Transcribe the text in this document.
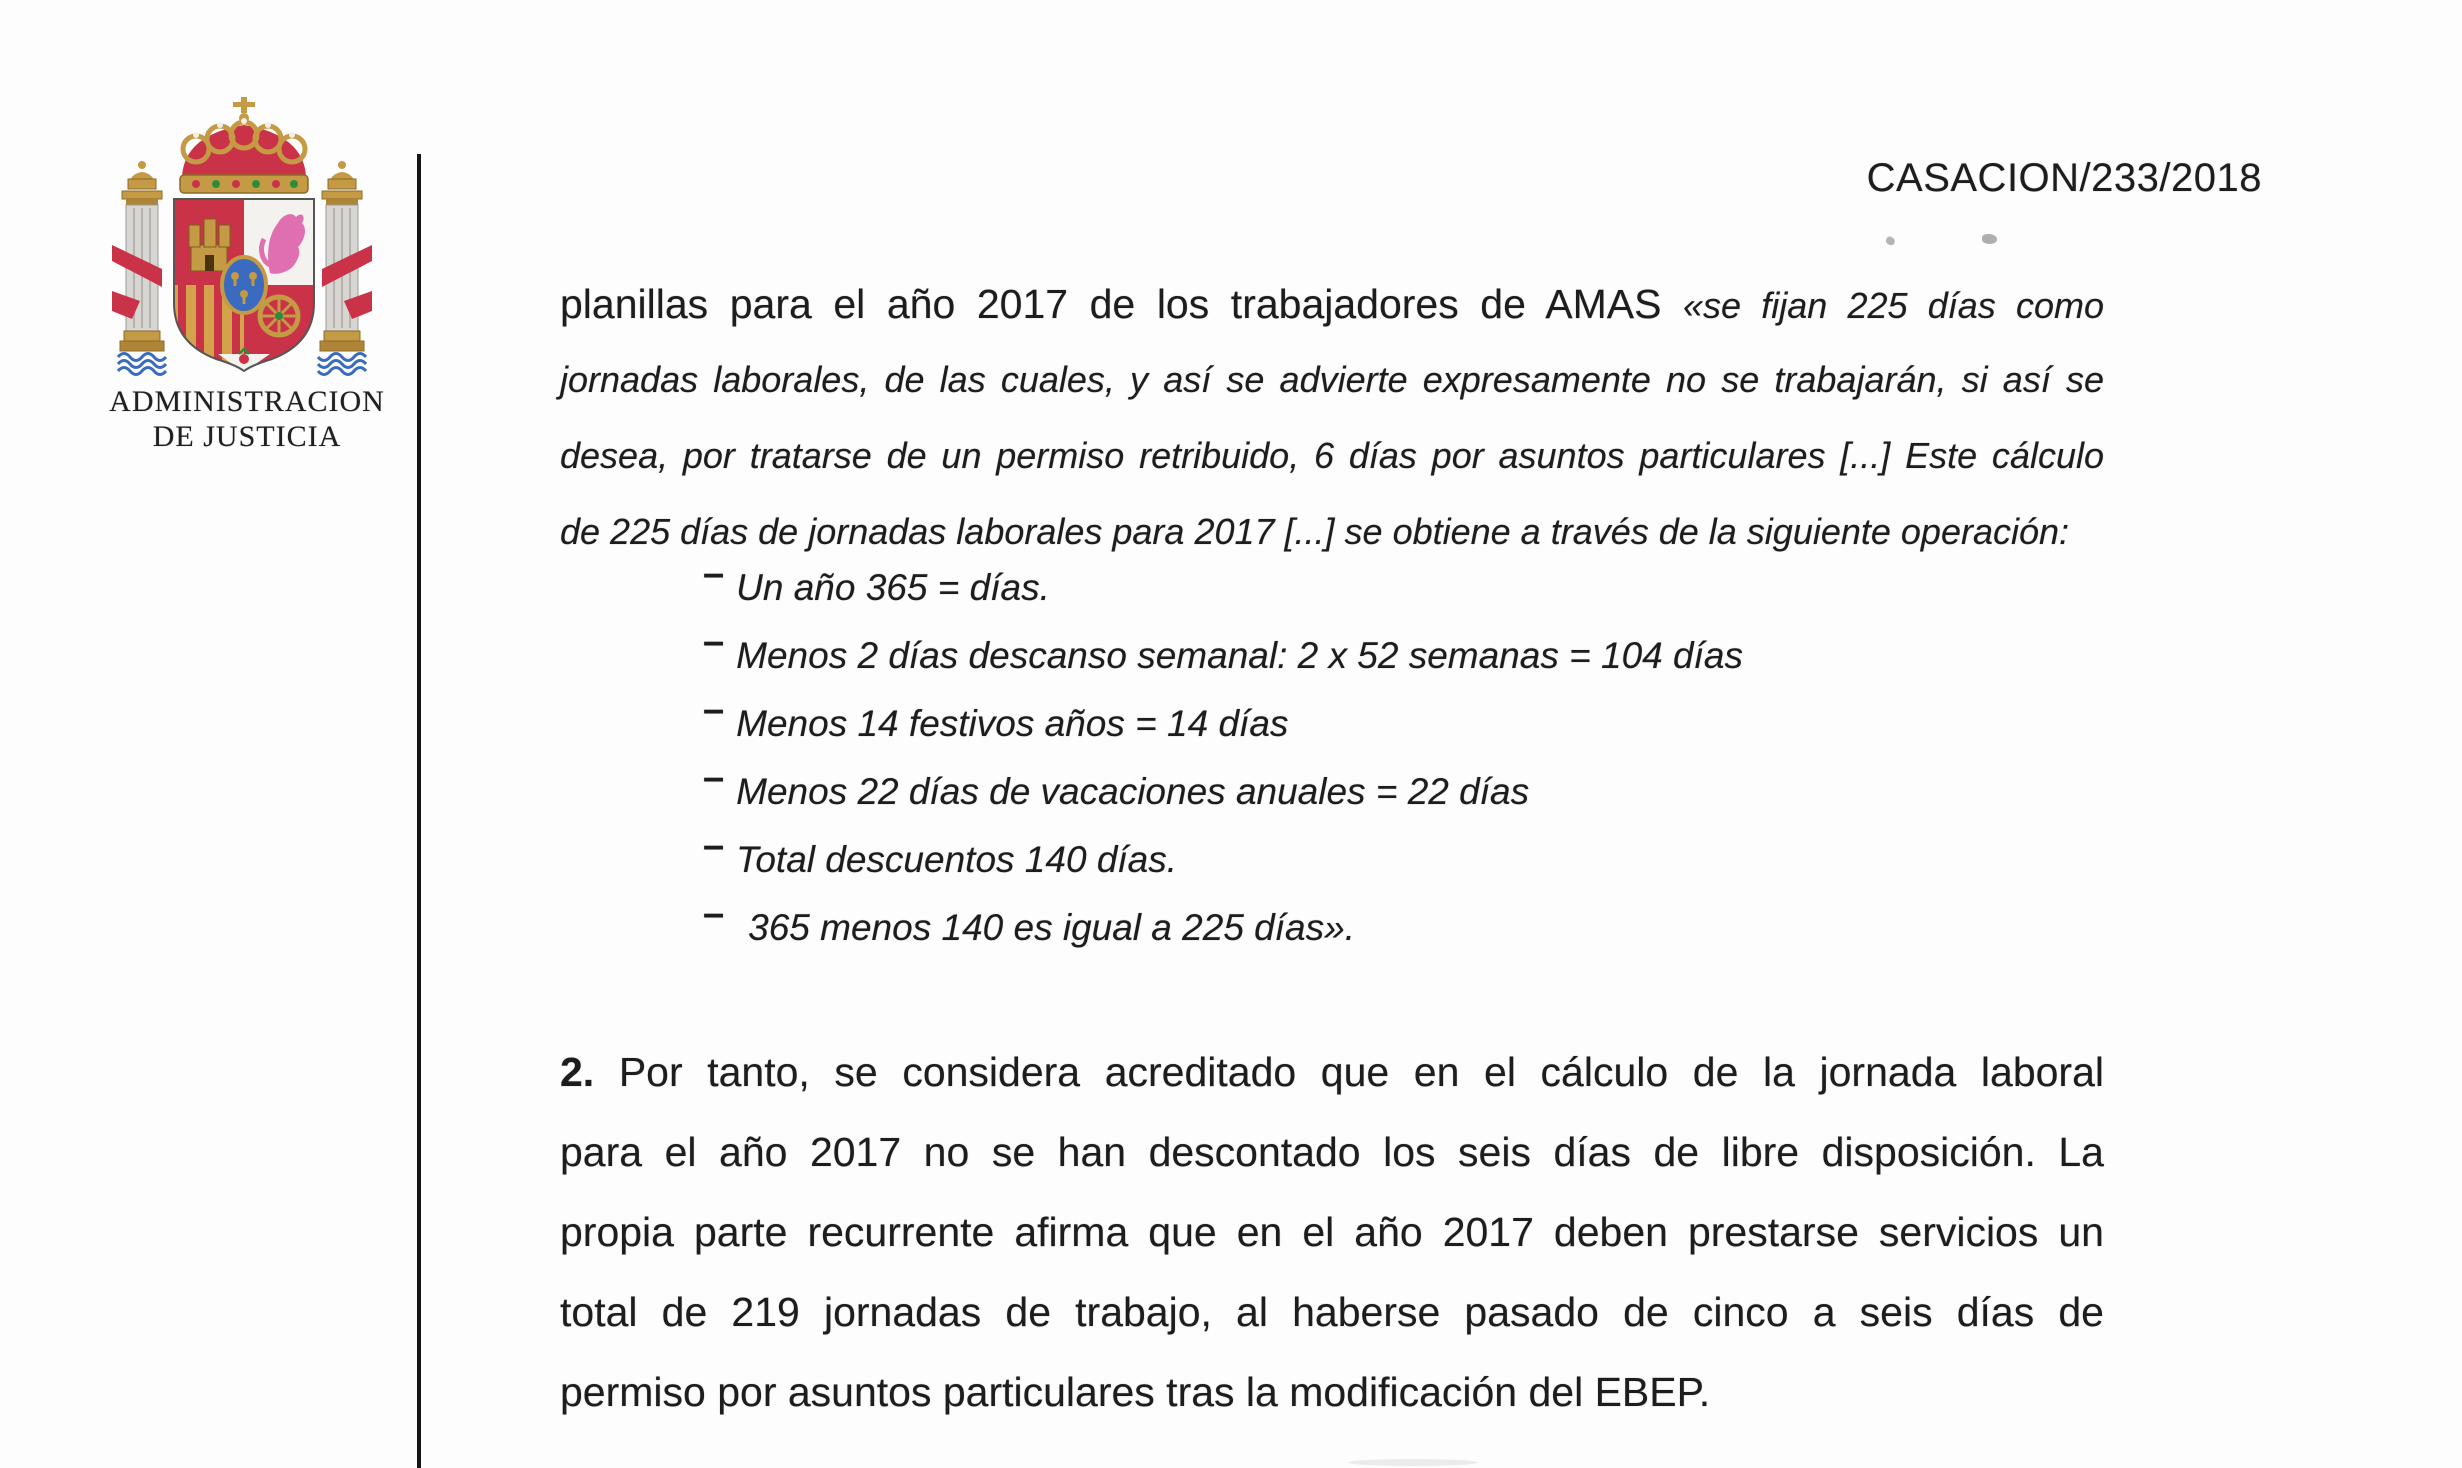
ADMINISTRACION
DE JUSTICIA
CASACION/233/2018
planillas para el año 2017 de los trabajadores de AMAS «se fijan 225 días como
jornadas laborales, de las cuales, y así se advierte expresamente no se trabajarán, si así se
desea, por tratarse de un permiso retribuido, 6 días por asuntos particulares [...] Este cálculo
de 225 días de jornadas laborales para 2017 [...] se obtiene a través de la siguiente operación:
– Un año 365 = días.
– Menos 2 días descanso semanal: 2 x 52 semanas = 104 días
– Menos 14 festivos años = 14 días
– Menos 22 días de vacaciones anuales = 22 días
– Total descuentos 140 días.
– 365 menos 140 es igual a 225 días».
2. Por tanto, se considera acreditado que en el cálculo de la jornada laboral
para el año 2017 no se han descontado los seis días de libre disposición. La
propia parte recurrente afirma que en el año 2017 deben prestarse servicios un
total de 219 jornadas de trabajo, al haberse pasado de cinco a seis días de
permiso por asuntos particulares tras la modificación del EBEP.
